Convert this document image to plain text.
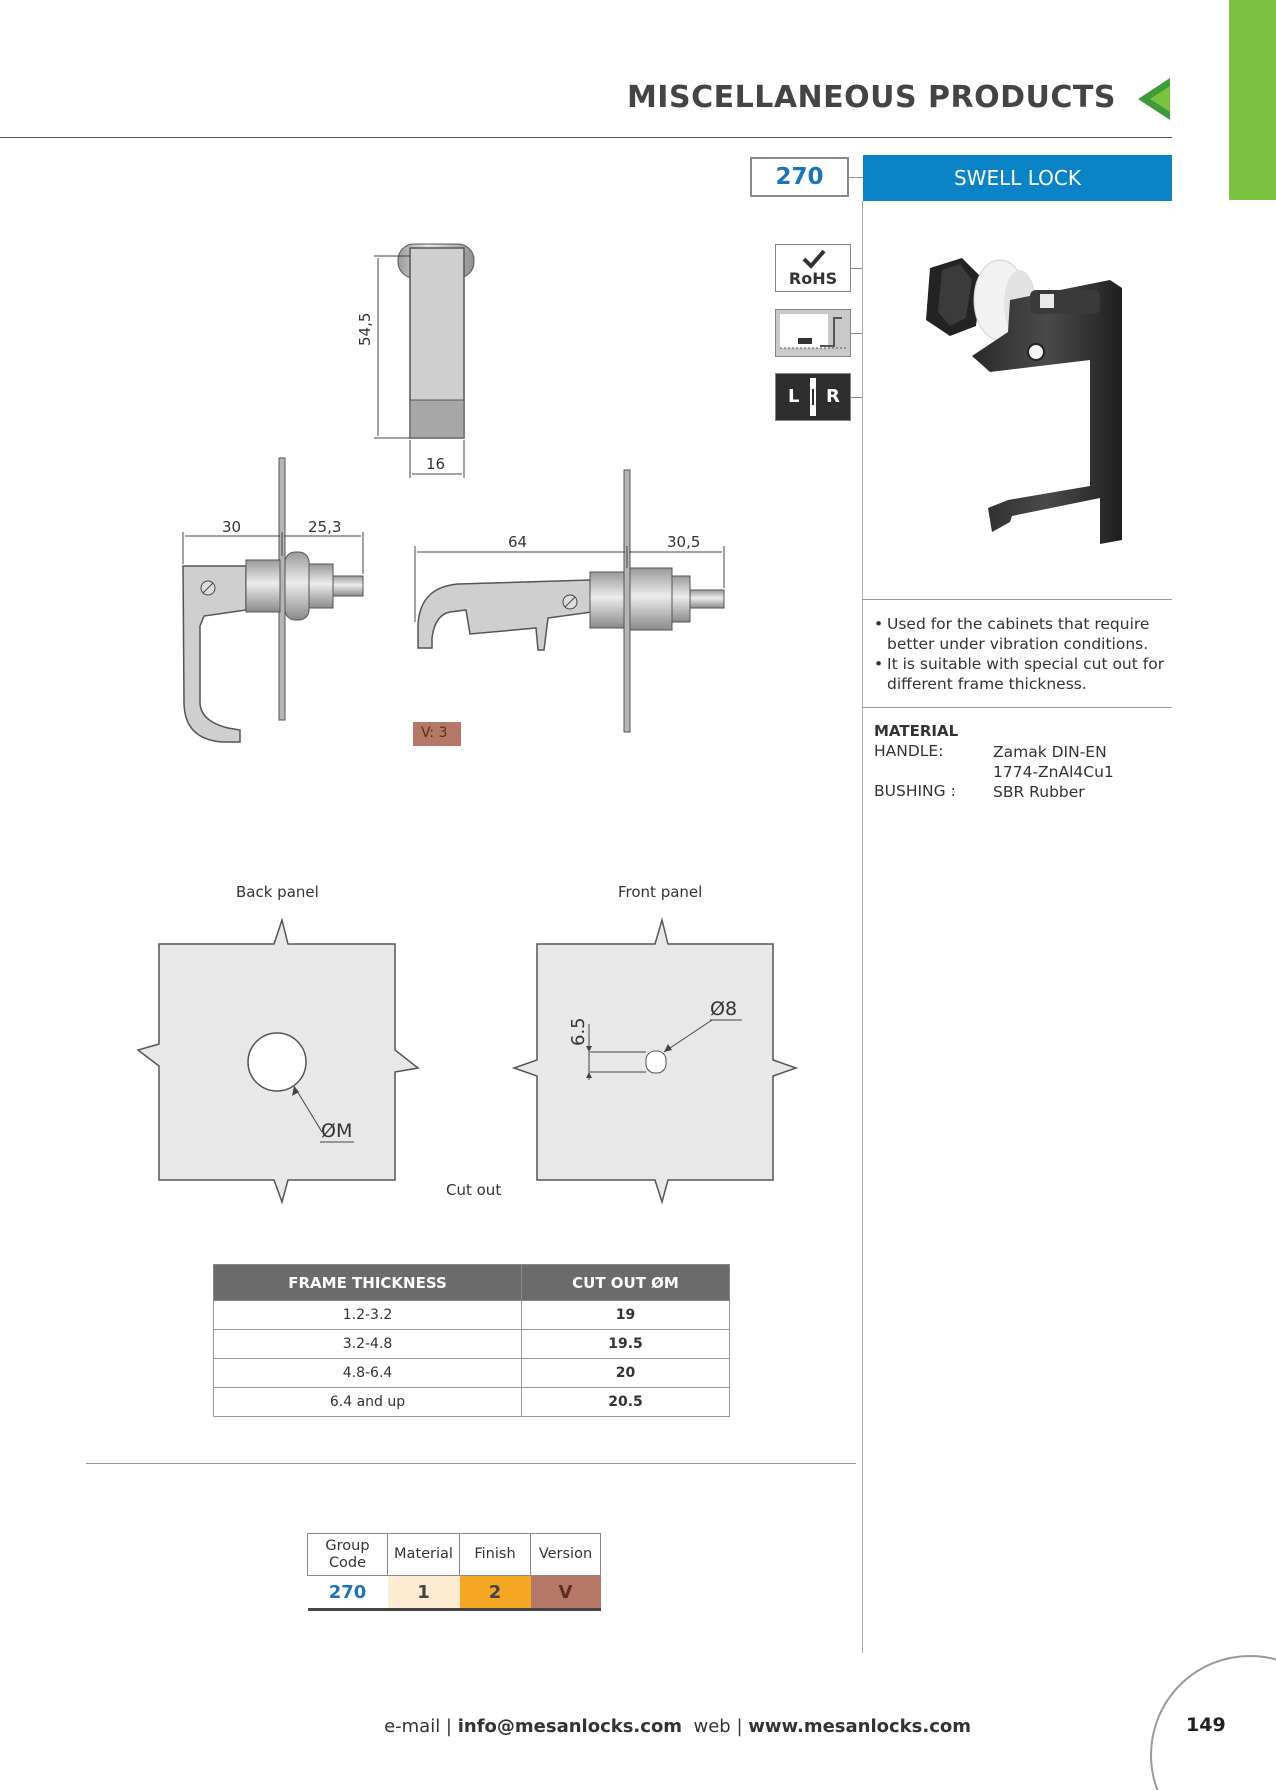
MISCELLANEOUS PRODUCTS
270	SWELL LOCK
RoHS
L R
• Used for the cabinets that require better under vibration conditions.
• It is suitable with special cut out for different frame thickness.
MATERIAL
HANDLE:	Zamak DIN-EN
1774-ZnAl4Cu1
BUSHING : SBR Rubber
54,5
16
30	25,3
64	30,5
V: 3
Back panel	Front panel
Cut out
ØM
Ø8
6.5
FRAME THICKNESS	CUT OUT ØM
1.2-3.2	19
3.2-4.8	19.5
4.8-6.4	20
6.4 and up	20.5
Group Code	Material	Finish	Version
270	1	2	V
e-mail | info@mesanlocks.com web | www.mesanlocks.com	149
